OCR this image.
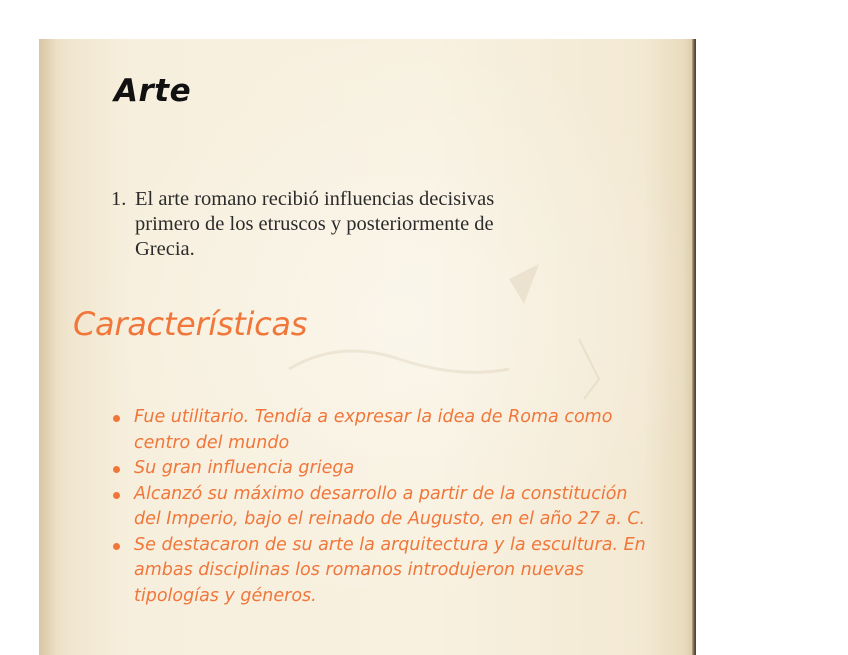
Arte
1. El arte romano recibió influencias decisivas primero de los etruscos y posteriormente de Grecia.
Características
Fue utilitario. Tendía a expresar la idea de Roma como centro del mundo
Su gran influencia griega
Alcanzó su máximo desarrollo a partir de la constitución del Imperio, bajo el reinado de Augusto, en el año 27 a. C.
Se destacaron de su arte la arquitectura y la escultura. En ambas disciplinas los romanos introdujeron nuevas tipologías y géneros.
